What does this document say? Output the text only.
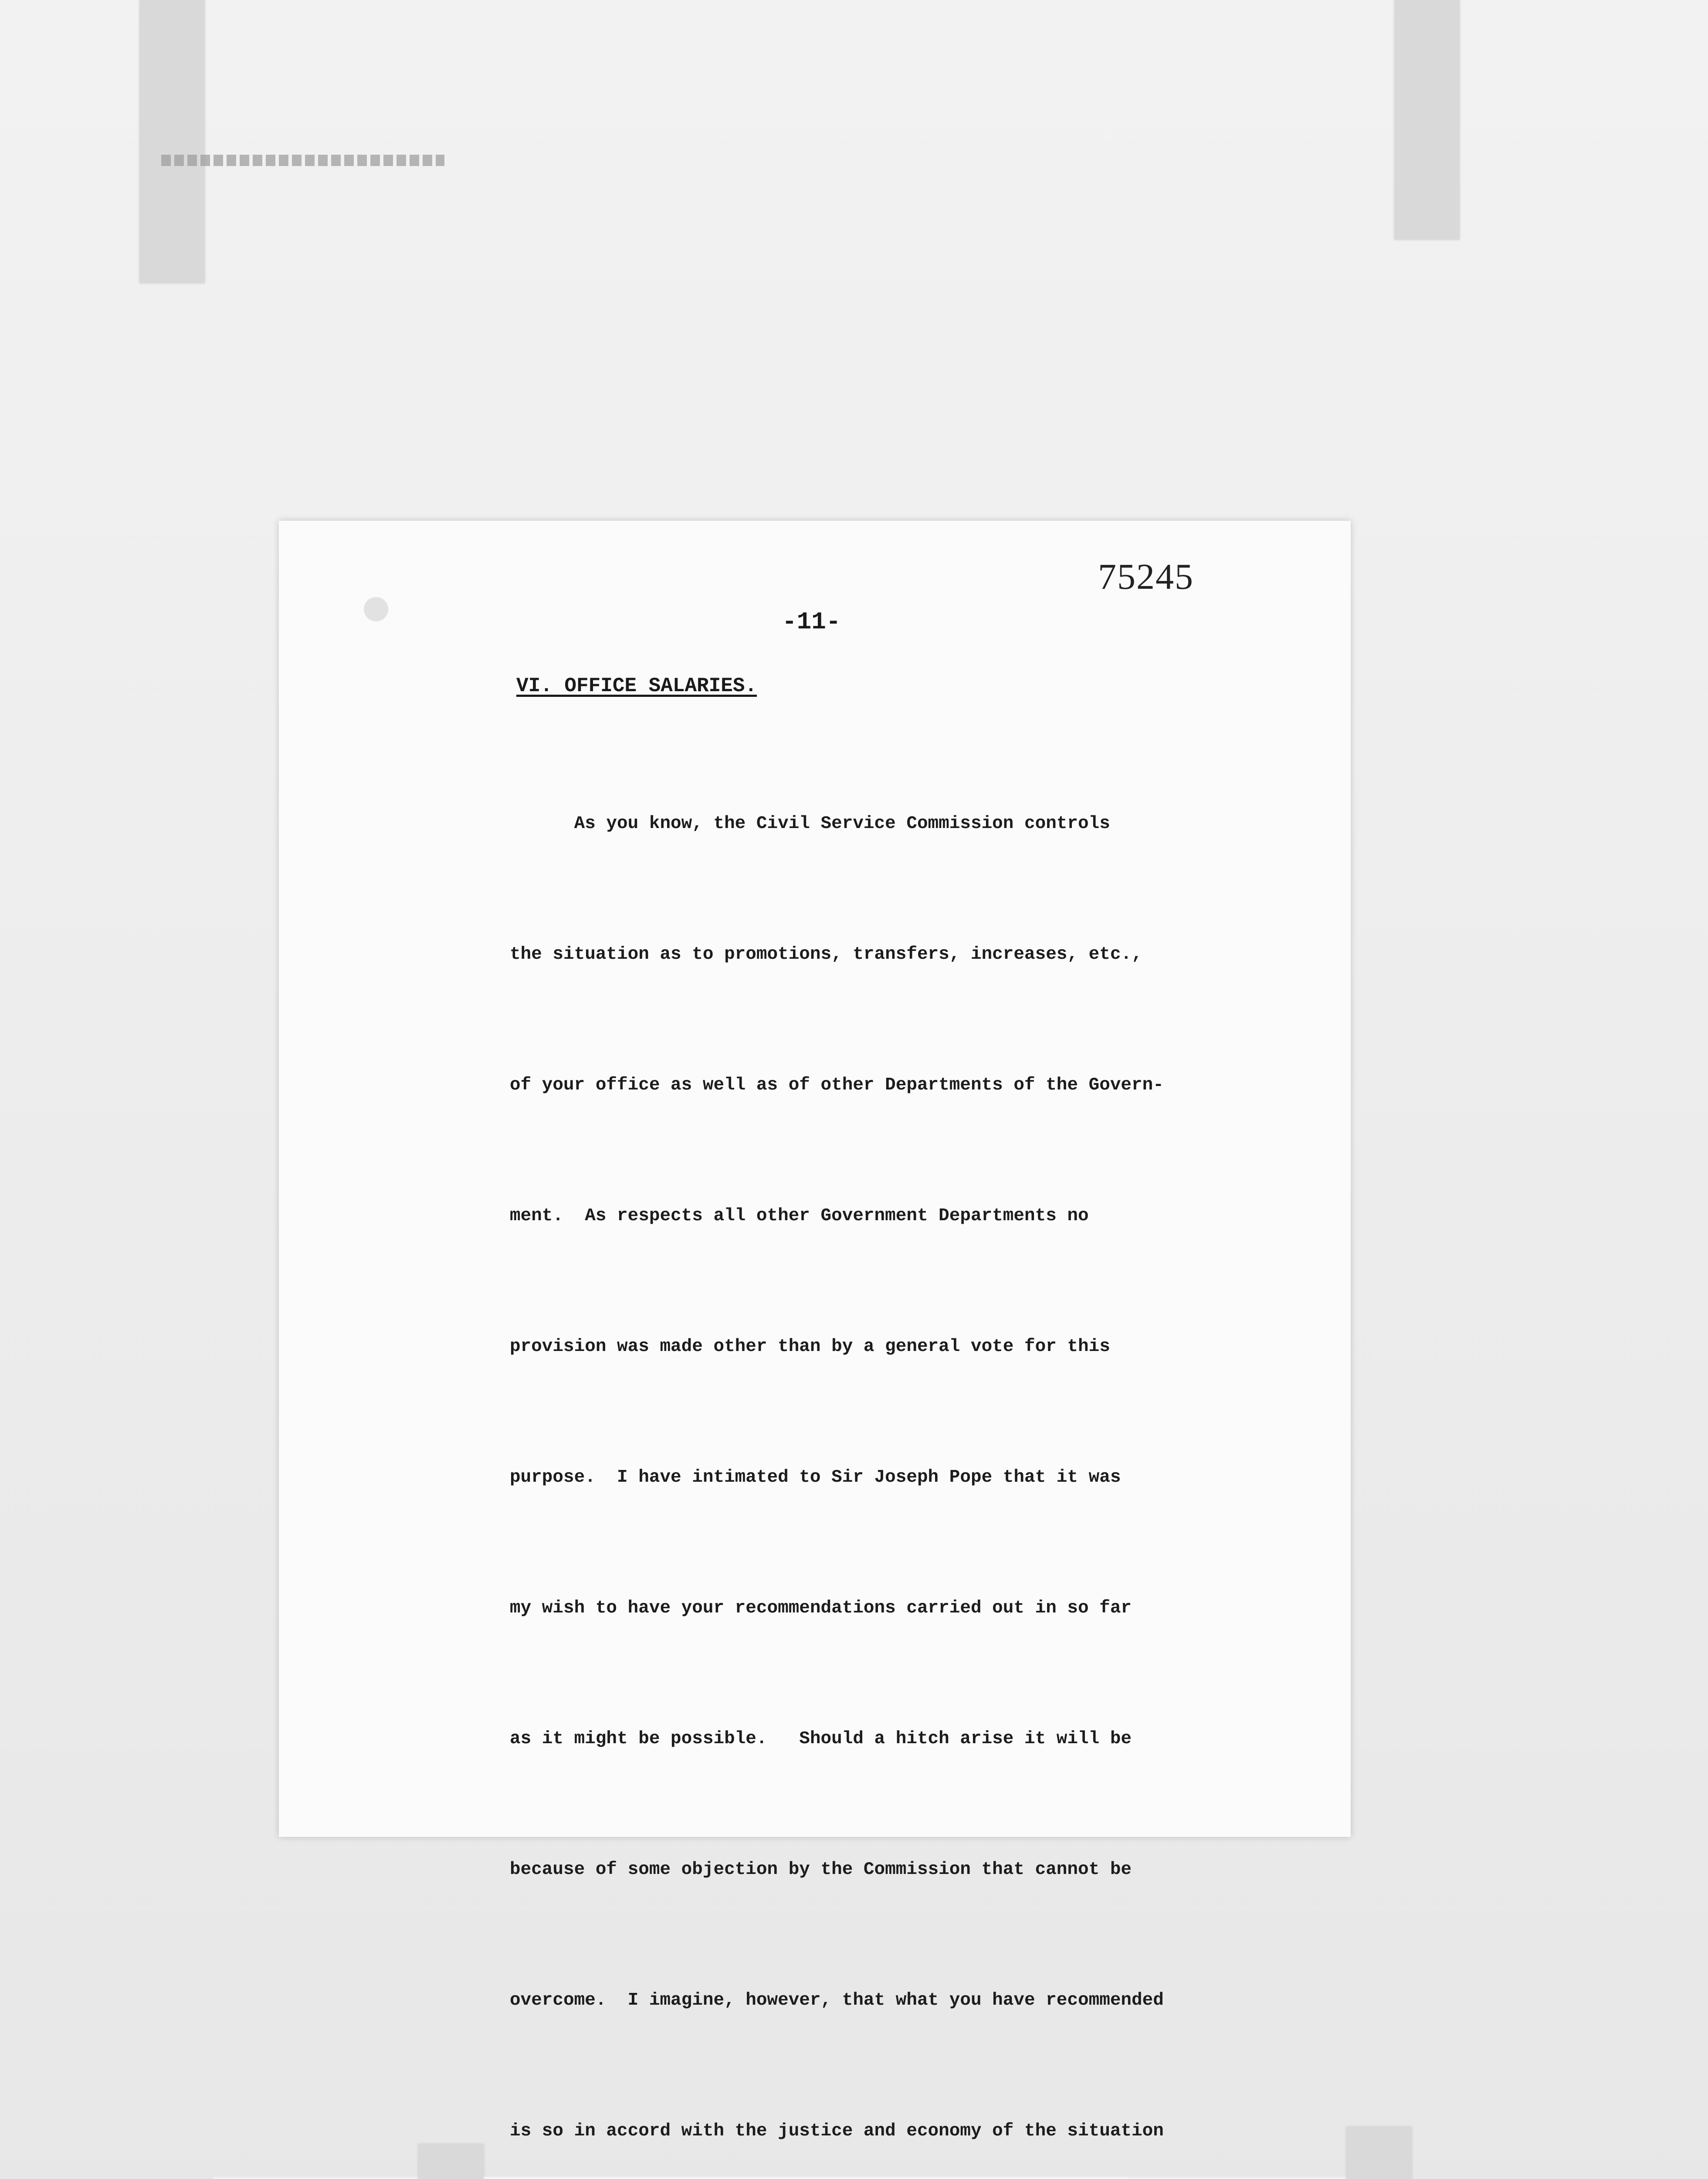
75245
-11-
VI. OFFICE SALARIES.

As you know, the Civil Service Commission controls

the situation as to promotions, transfers, increases, etc.,

of your office as well as of other Departments of the Govern-

ment.  As respects all other Government Departments no

provision was made other than by a general vote for this

purpose.  I have intimated to Sir Joseph Pope that it was

my wish to have your recommendations carried out in so far

as it might be possible.   Should a hitch arise it will be

because of some objection by the Commission that cannot be

overcome.  I imagine, however, that what you have recommended

is so in accord with the justice and economy of the situation
